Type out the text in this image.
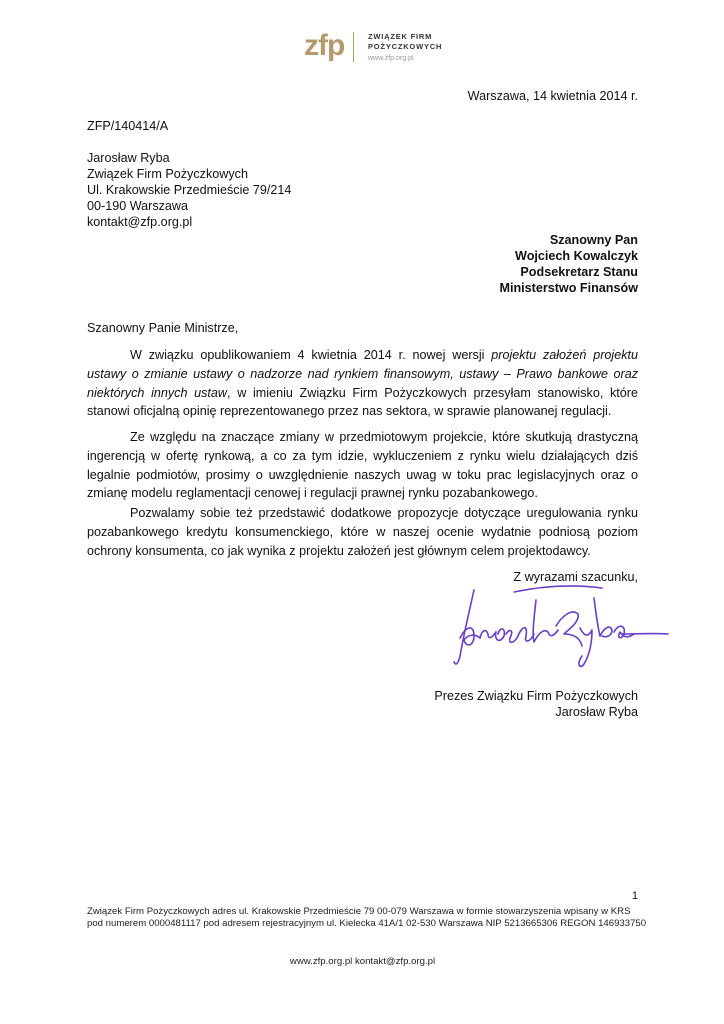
zfp	ZWIĄZEK FIRM
POŻYCZKOWYCH
www.zfp.org.pl
Warszawa, 14 kwietnia 2014 r.
ZFP/140414/A
Jarosław Ryba
Związek Firm Pożyczkowych
Ul. Krakowskie Przedmieście 79/214
00-190 Warszawa
kontakt@zfp.org.pl
Szanowny Pan
Wojciech Kowalczyk
Podsekretarz Stanu
Ministerstwo Finansów
Szanowny Panie Ministrze,
W związku opublikowaniem 4 kwietnia 2014 r. nowej wersji projektu założeń projektu ustawy o zmianie ustawy o nadzorze nad rynkiem finansowym, ustawy – Prawo bankowe oraz niektórych innych ustaw, w imieniu Związku Firm Pożyczkowych przesyłam stanowisko, które stanowi oficjalną opinię reprezentowanego przez nas sektora, w sprawie planowanej regulacji.
Ze względu na znaczące zmiany w przedmiotowym projekcie, które skutkują drastyczną ingerencją w ofertę rynkową, a co za tym idzie, wykluczeniem z rynku wielu działających dziś legalnie podmiotów, prosimy o uwzględnienie naszych uwag w toku prac legislacyjnych oraz o zmianę modelu reglamentacji cenowej i regulacji prawnej rynku pozabankowego.
Pozwalamy sobie też przedstawić dodatkowe propozycje dotyczące uregulowania rynku pozabankowego kredytu konsumenckiego, które w naszej ocenie wydatnie podniosą poziom ochrony konsumenta, co jak wynika z projektu założeń jest głównym celem projektodawcy.
Z wyrazami szacunku,
Prezes Związku Firm Pożyczkowych
Jarosław Ryba
1
Związek Firm Pożyczkowych adres ul. Krakowskie Przedmieście 79 00-079 Warszawa w formie stowarzyszenia wpisany w KRS pod numerem 0000481117 pod adresem rejestracyjnym ul. Kielecka 41A/1 02-530 Warszawa NIP 5213665306 REGON 146933750
www.zfp.org.pl kontakt@zfp.org.pl
